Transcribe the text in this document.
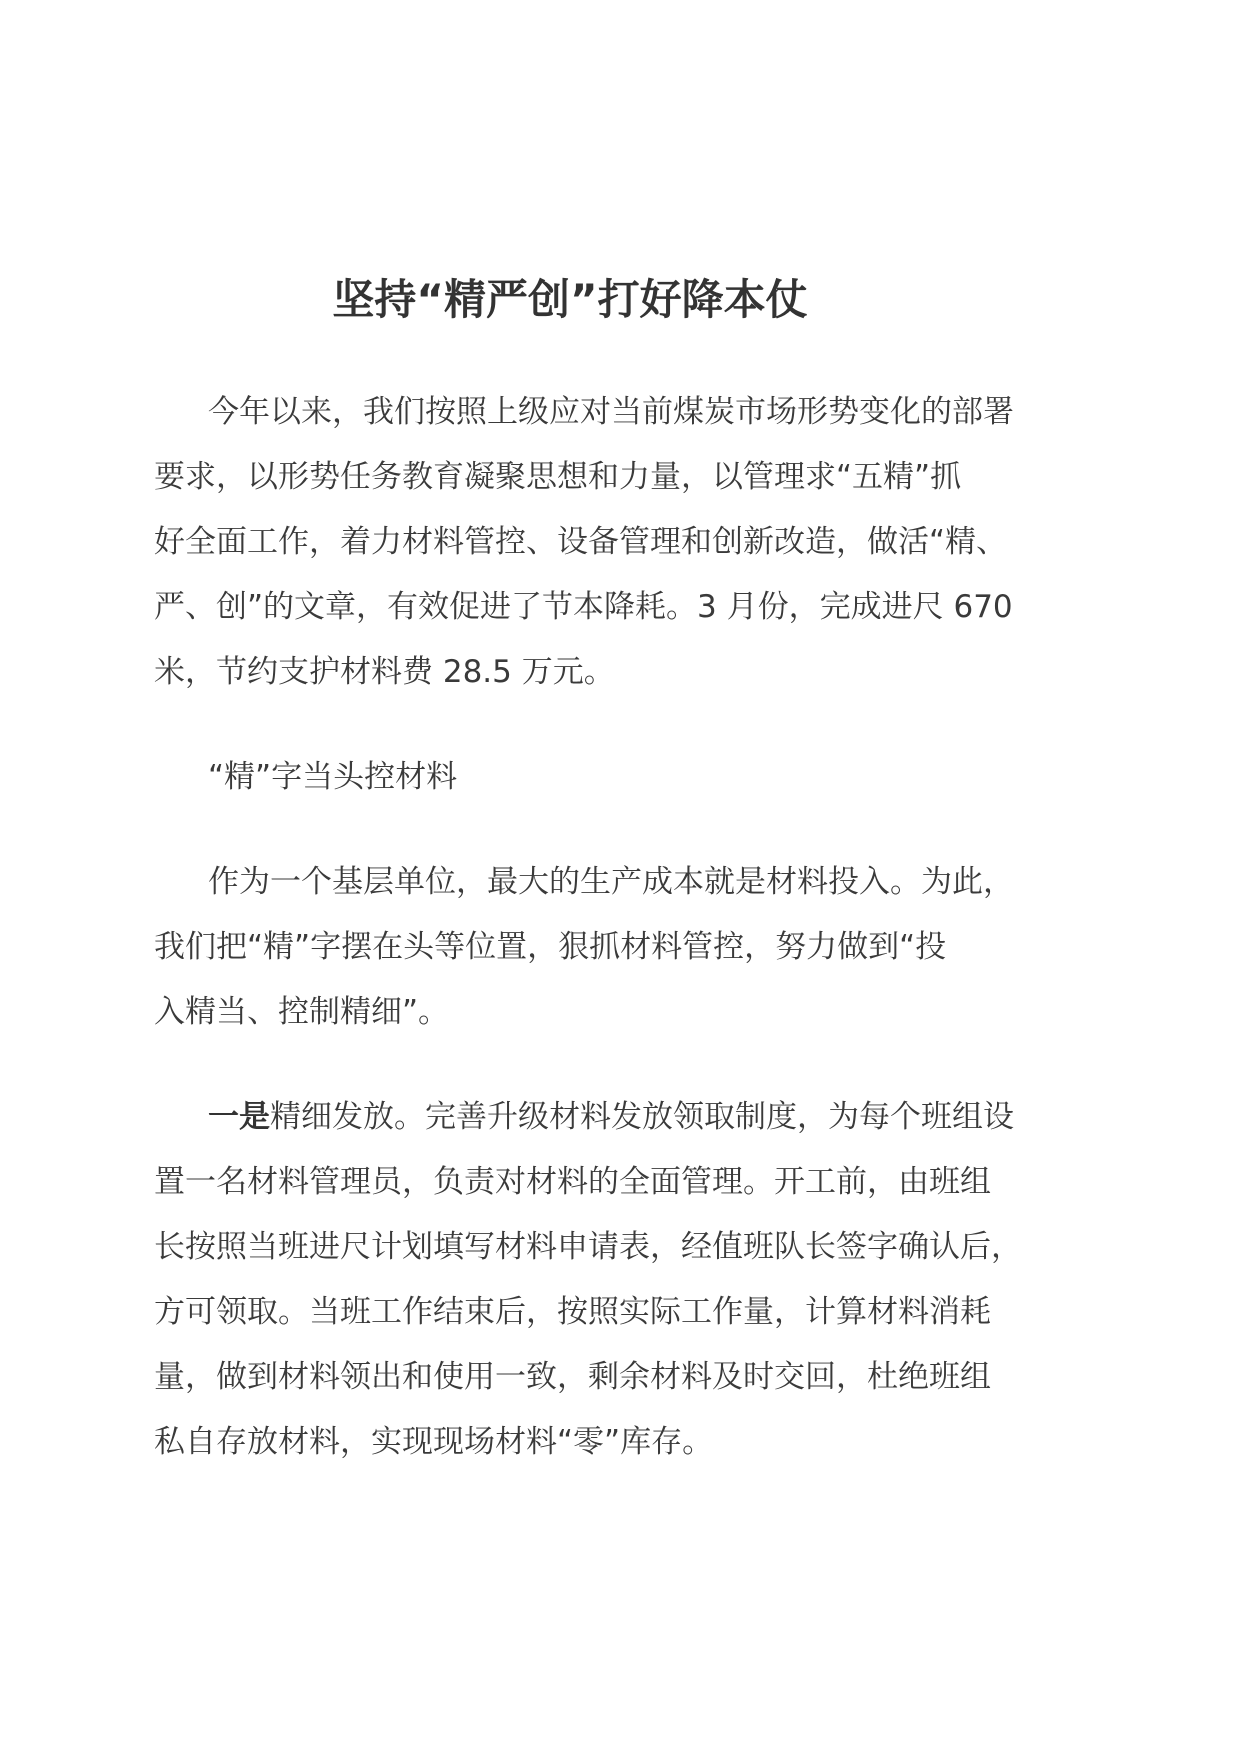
坚持“精严创”打好降本仗
今年以来，我们按照上级应对当前煤炭市场形势变化的部署
要求，以形势任务教育凝聚思想和力量，以管理求“五精”抓
好全面工作，着力材料管控、设备管理和创新改造，做活“精、
严、创”的文章，有效促进了节本降耗。3 月份，完成进尺 670
米，节约支护材料费 28.5 万元。
“精”字当头控材料
作为一个基层单位，最大的生产成本就是材料投入。为此，
我们把“精”字摆在头等位置，狠抓材料管控，努力做到“投
入精当、控制精细”。
一是精细发放。完善升级材料发放领取制度，为每个班组设
置一名材料管理员，负责对材料的全面管理。开工前，由班组
长按照当班进尺计划填写材料申请表，经值班队长签字确认后，
方可领取。当班工作结束后，按照实际工作量，计算材料消耗
量，做到材料领出和使用一致，剩余材料及时交回，杜绝班组
私自存放材料，实现现场材料“零”库存。
